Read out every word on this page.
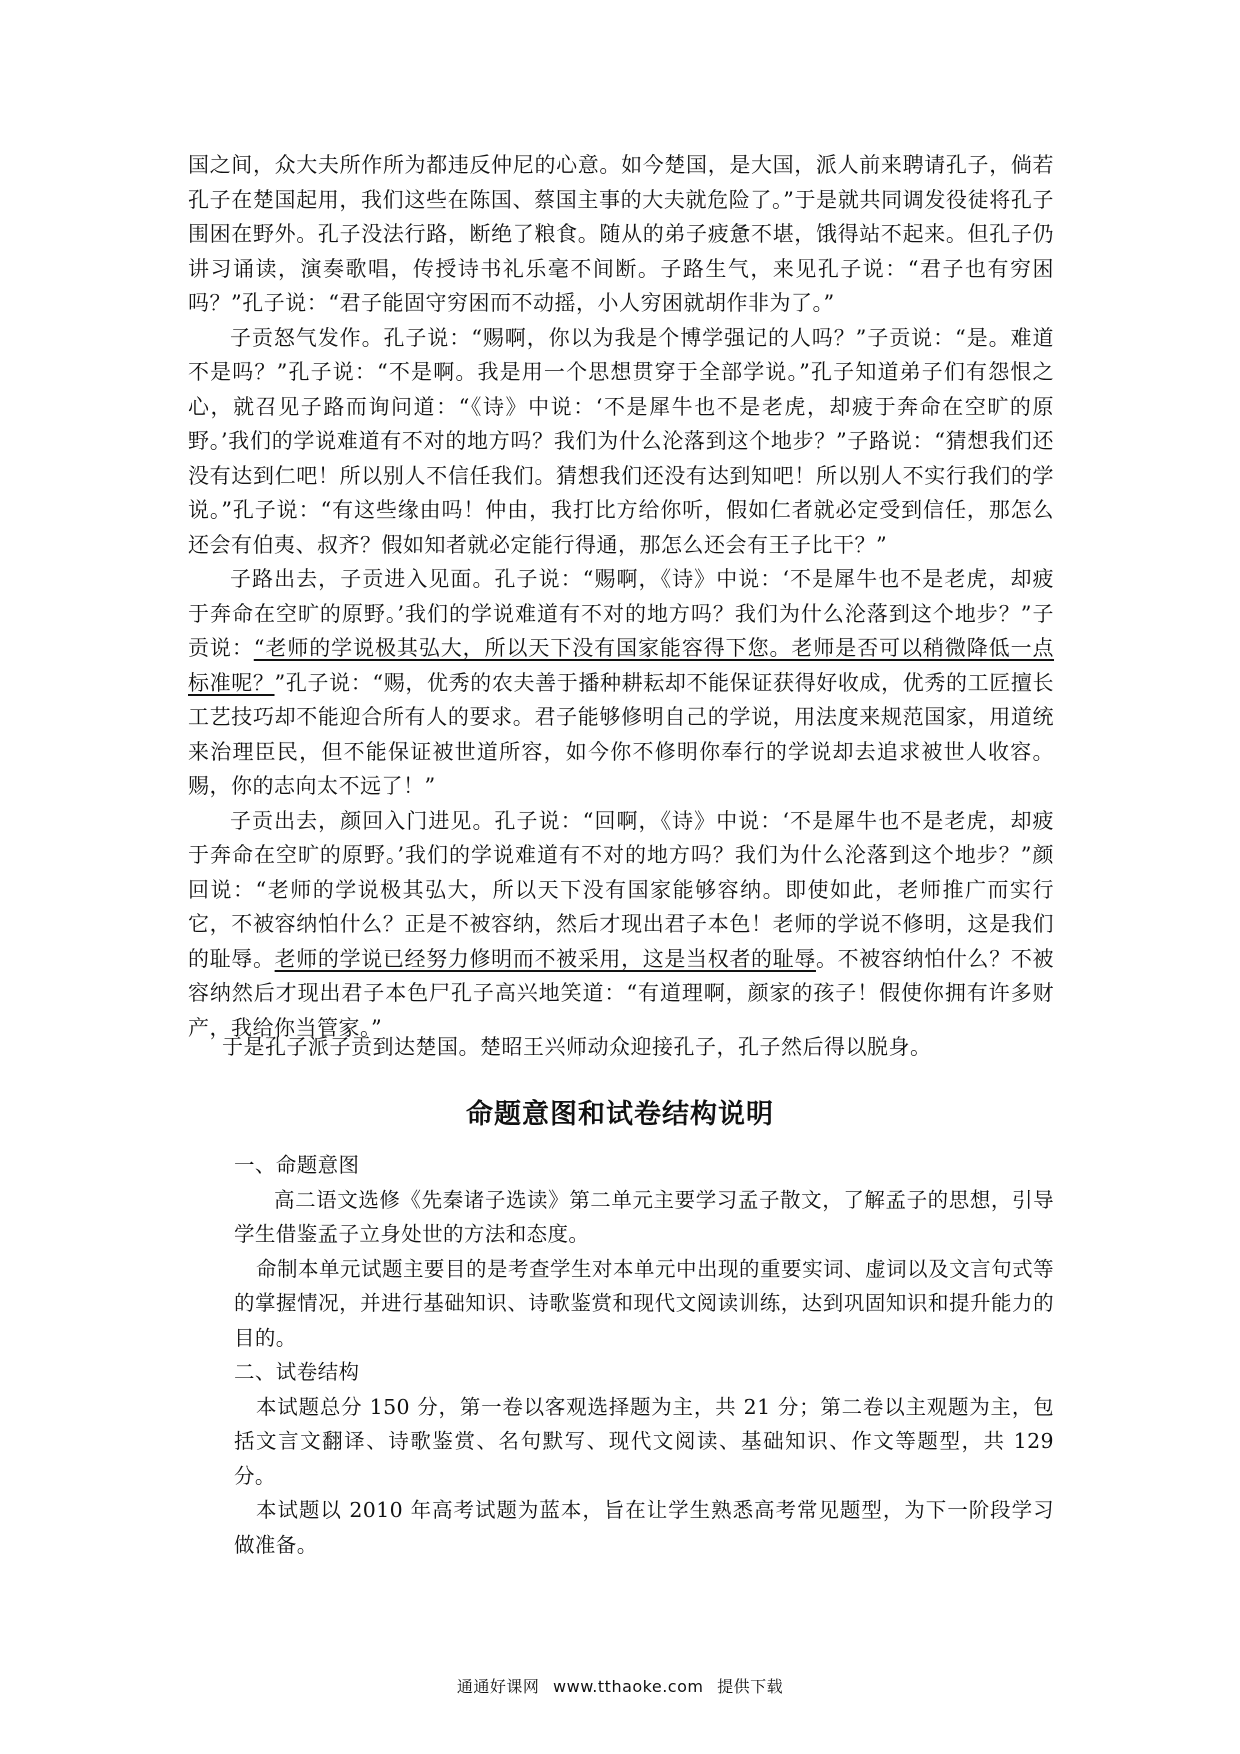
国之间，众大夫所作所为都违反仲尼的心意。如今楚国，是大国，派人前来聘请孔子，倘若孔子在楚国起用，我们这些在陈国、蔡国主事的大夫就危险了。”于是就共同调发役徒将孔子围困在野外。孔子没法行路，断绝了粮食。随从的弟子疲惫不堪，饿得站不起来。但孔子仍讲习诵读，演奏歌唱，传授诗书礼乐毫不间断。子路生气，来见孔子说：“君子也有穷困吗？”孔子说：“君子能固守穷困而不动摇，小人穷困就胡作非为了。”

子贡怒气发作。孔子说：“赐啊，你以为我是个博学强记的人吗？”子贡说：“是。难道不是吗？”孔子说：“不是啊。我是用一个思想贯穿于全部学说。”孔子知道弟子们有怨恨之心，就召见子路而询问道：“《诗》中说：‘不是犀牛也不是老虎，却疲于奔命在空旷的原野。’我们的学说难道有不对的地方吗？我们为什么沦落到这个地步？”子路说：“猜想我们还没有达到仁吧！所以别人不信任我们。猜想我们还没有达到知吧！所以别人不实行我们的学说。”孔子说：“有这些缘由吗！仲由，我打比方给你听，假如仁者就必定受到信任，那怎么还会有伯夷、叔齐？假如知者就必定能行得通，那怎么还会有王子比干？”

子路出去，子贡进入见面。孔子说：“赐啊，《诗》中说：‘不是犀牛也不是老虎，却疲于奔命在空旷的原野。’我们的学说难道有不对的地方吗？我们为什么沦落到这个地步？”子贡说：“老师的学说极其弘大，所以天下没有国家能容得下您。老师是否可以稍微降低一点标准呢？”孔子说：“赐，优秀的农夫善于播种耕耘却不能保证获得好收成，优秀的工匠擅长工艺技巧却不能迎合所有人的要求。君子能够修明自己的学说，用法度来规范国家，用道统来治理臣民，但不能保证被世道所容，如今你不修明你奉行的学说却去追求被世人收容。赐，你的志向太不远了！”

子贡出去，颜回入门进见。孔子说：“回啊，《诗》中说：‘不是犀牛也不是老虎，却疲于奔命在空旷的原野。’我们的学说难道有不对的地方吗？我们为什么沦落到这个地步？”颜回说：“老师的学说极其弘大，所以天下没有国家能够容纳。即使如此，老师推广而实行它，不被容纳怕什么？正是不被容纳，然后才现出君子本色！老师的学说不修明，这是我们的耻辱。老师的学说已经努力修明而不被采用，这是当权者的耻辱。不被容纳怕什么？不被容纳然后才现出君子本色尸孔子高兴地笑道：“有道理啊，颜家的孩子！假使你拥有许多财产，我给你当管家。”

于是孔子派子贡到达楚国。楚昭王兴师动众迎接孔子，孔子然后得以脱身。
命题意图和试卷结构说明

一、命题意图

高二语文选修《先秦诸子选读》第二单元主要学习孟子散文，了解孟子的思想，引导学生借鉴孟子立身处世的方法和态度。

命制本单元试题主要目的是考查学生对本单元中出现的重要实词、虚词以及文言句式等的掌握情况，并进行基础知识、诗歌鉴赏和现代文阅读训练，达到巩固知识和提升能力的目的。

二、试卷结构

本试题总分 150 分，第一卷以客观选择题为主，共 21 分；第二卷以主观题为主，包括文言文翻译、诗歌鉴赏、名句默写、现代文阅读、基础知识、作文等题型，共 129 分。

本试题以 2010 年高考试题为蓝本，旨在让学生熟悉高考常见题型，为下一阶段学习做准备。

通通好课网 www.tthaoke.com 提供下载
